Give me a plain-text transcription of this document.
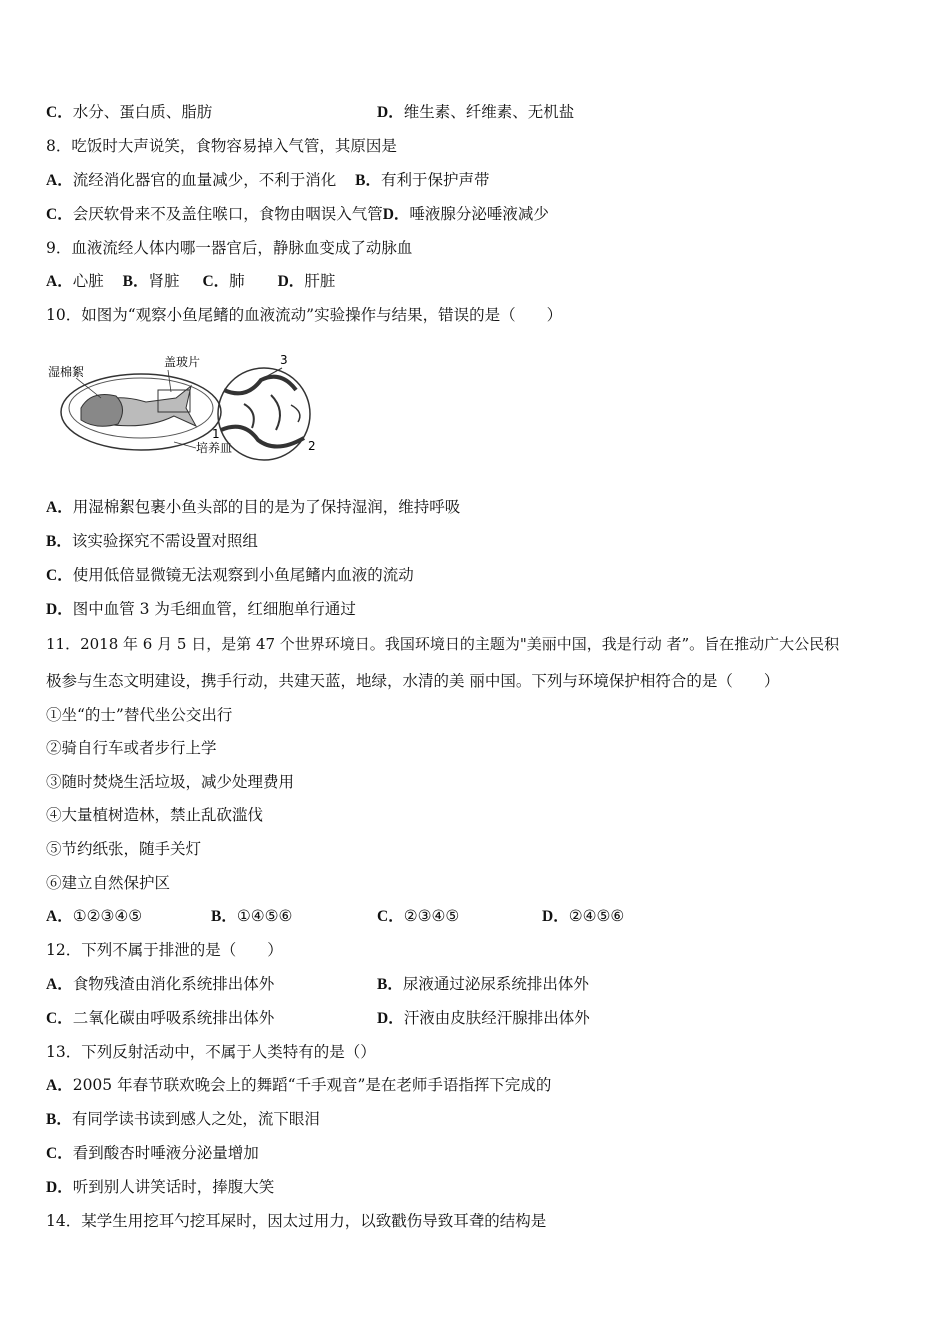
C．水分、蛋白质、脂肪	D．维生素、纤维素、无机盐
8．吃饭时大声说笑，食物容易掉入气管，其原因是
A．流经消化器官的血量减少，不利于消化 B．有利于保护声带
C．会厌软骨来不及盖住喉口，食物由咽误入气管D．唾液腺分泌唾液减少
9．血液流经人体内哪一器官后，静脉血变成了动脉血
A．心脏 B．肾脏 C．肺 D．肝脏
10．如图为“观察小鱼尾鳍的血液流动”实验操作与结果，错误的是（　　）
湿棉絮
盖玻片
培养皿
3
1
2
A．用湿棉絮包裹小鱼头部的目的是为了保持湿润，维持呼吸
B．该实验探究不需设置对照组
C．使用低倍显微镜无法观察到小鱼尾鳍内血液的流动
D．图中血管 3 为毛细血管，红细胞单行通过
11．2018 年 6 月 5 日，是第 47 个世界环境日。我国环境日的主题为"美丽中国，我是行动 者”。旨在推动广大公民积
极参与生态文明建设，携手行动，共建天蓝，地绿，水清的美 丽中国。下列与环境保护相符合的是（　　）
①坐“的士”替代坐公交出行
②骑自行车或者步行上学
③随时焚烧生活垃圾，减少处理费用
④大量植树造林，禁止乱砍滥伐
⑤节约纸张，随手关灯
⑥建立自然保护区
A．①②③④⑤	B．①④⑤⑥	C．②③④⑤	D．②④⑤⑥
12．下列不属于排泄的是（　　）
A．食物残渣由消化系统排出体外	B．尿液通过泌尿系统排出体外
C．二氧化碳由呼吸系统排出体外	D．汗液由皮肤经汗腺排出体外
13．下列反射活动中，不属于人类特有的是（）
A．2005 年春节联欢晚会上的舞蹈“千手观音”是在老师手语指挥下完成的
B．有同学读书读到感人之处，流下眼泪
C．看到酸杏时唾液分泌量增加
D．听到别人讲笑话时，捧腹大笑
14．某学生用挖耳勺挖耳屎时，因太过用力，以致戳伤导致耳聋的结构是
